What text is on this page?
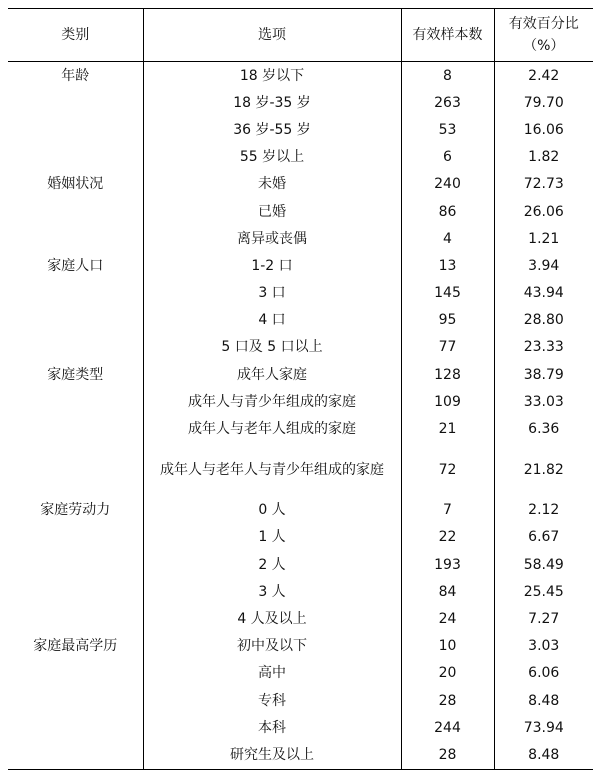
类别	选项	有效样本数	有效百分比
（%）
年龄	18 岁以下	8	2.42
	18 岁-35 岁	263	79.70
	36 岁-55 岁	53	16.06
	55 岁以上	6	1.82
婚姻状况	未婚	240	72.73
	已婚	86	26.06
	离异或丧偶	4	1.21
家庭人口	1-2 口	13	3.94
	3 口	145	43.94
	4 口	95	28.80
	5 口及 5 口以上	77	23.33
家庭类型	成年人家庭	128	38.79
	成年人与青少年组成的家庭	109	33.03
	成年人与老年人组成的家庭	21	6.36
	成年人与老年人与青少年组成的家庭	72	21.82
家庭劳动力	0 人	7	2.12
	1 人	22	6.67
	2 人	193	58.49
	3 人	84	25.45
	4 人及以上	24	7.27
家庭最高学历	初中及以下	10	3.03
	高中	20	6.06
	专科	28	8.48
	本科	244	73.94
	研究生及以上	28	8.48
